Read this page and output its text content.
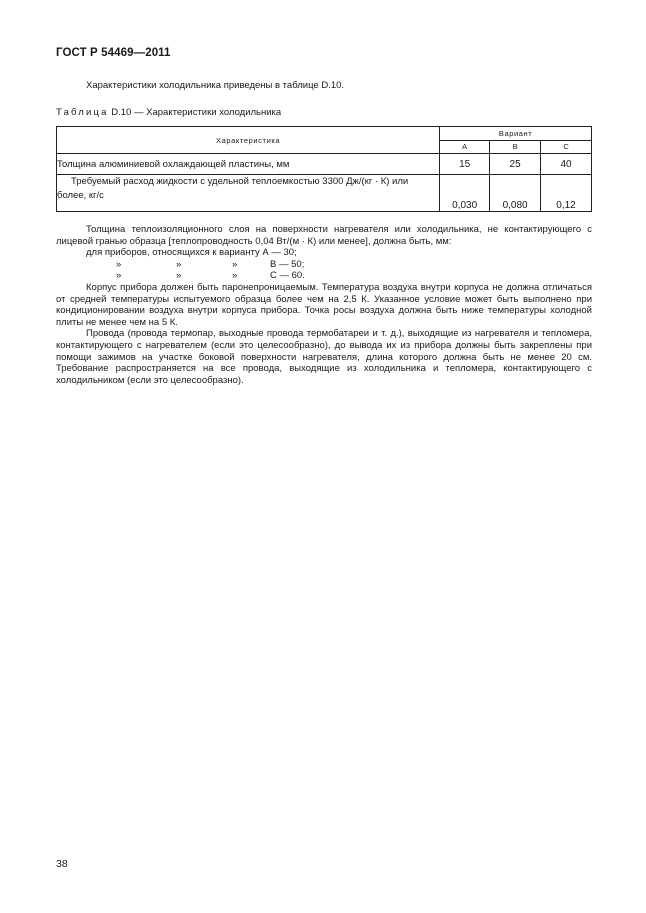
ГОСТ Р 54469—2011
Характеристики холодильника приведены в таблице D.10.
Таблица D.10 — Характеристики холодильника
Характеристика	Вариант		
	A	B	C
Толщина алюминиевой охлаждающей пластины, мм	15	25	40
Требуемый расход жидкости с удельной теплоемкостью 3300 Дж/(кг · К) или более, кг/с	0,030	0,080	0,12

Толщина теплоизоляционного слоя на поверхности нагревателя или холодильника, не контактирующего с лицевой гранью образца [теплопроводность 0,04 Вт/(м · К) или менее], должна быть, мм:

для приборов, относящихся к варианту А — 30;
»	»	»	В — 50;
»	»	»	С — 60.

Корпус прибора должен быть паронепроницаемым. Температура воздуха внутри корпуса не должна отличаться от средней температуры испытуемого образца более чем на 2,5 К. Указанное условие может быть выполнено при кондиционировании воздуха внутри корпуса прибора. Точка росы воздуха должна быть ниже температуры холодной плиты не менее чем на 5 К.

Провода (провода термопар, выходные провода термобатареи и т. д.), выходящие из нагревателя и тепломера, контактирующего с нагревателем (если это целесообразно), до вывода их из прибора должны быть закреплены при помощи зажимов на участке боковой поверхности нагревателя, длина которого должна быть не менее 20 см. Требование распространяется на все провода, выходящие из холодильника и тепломера, контактирующего с холодильником (если это целесообразно).

38
